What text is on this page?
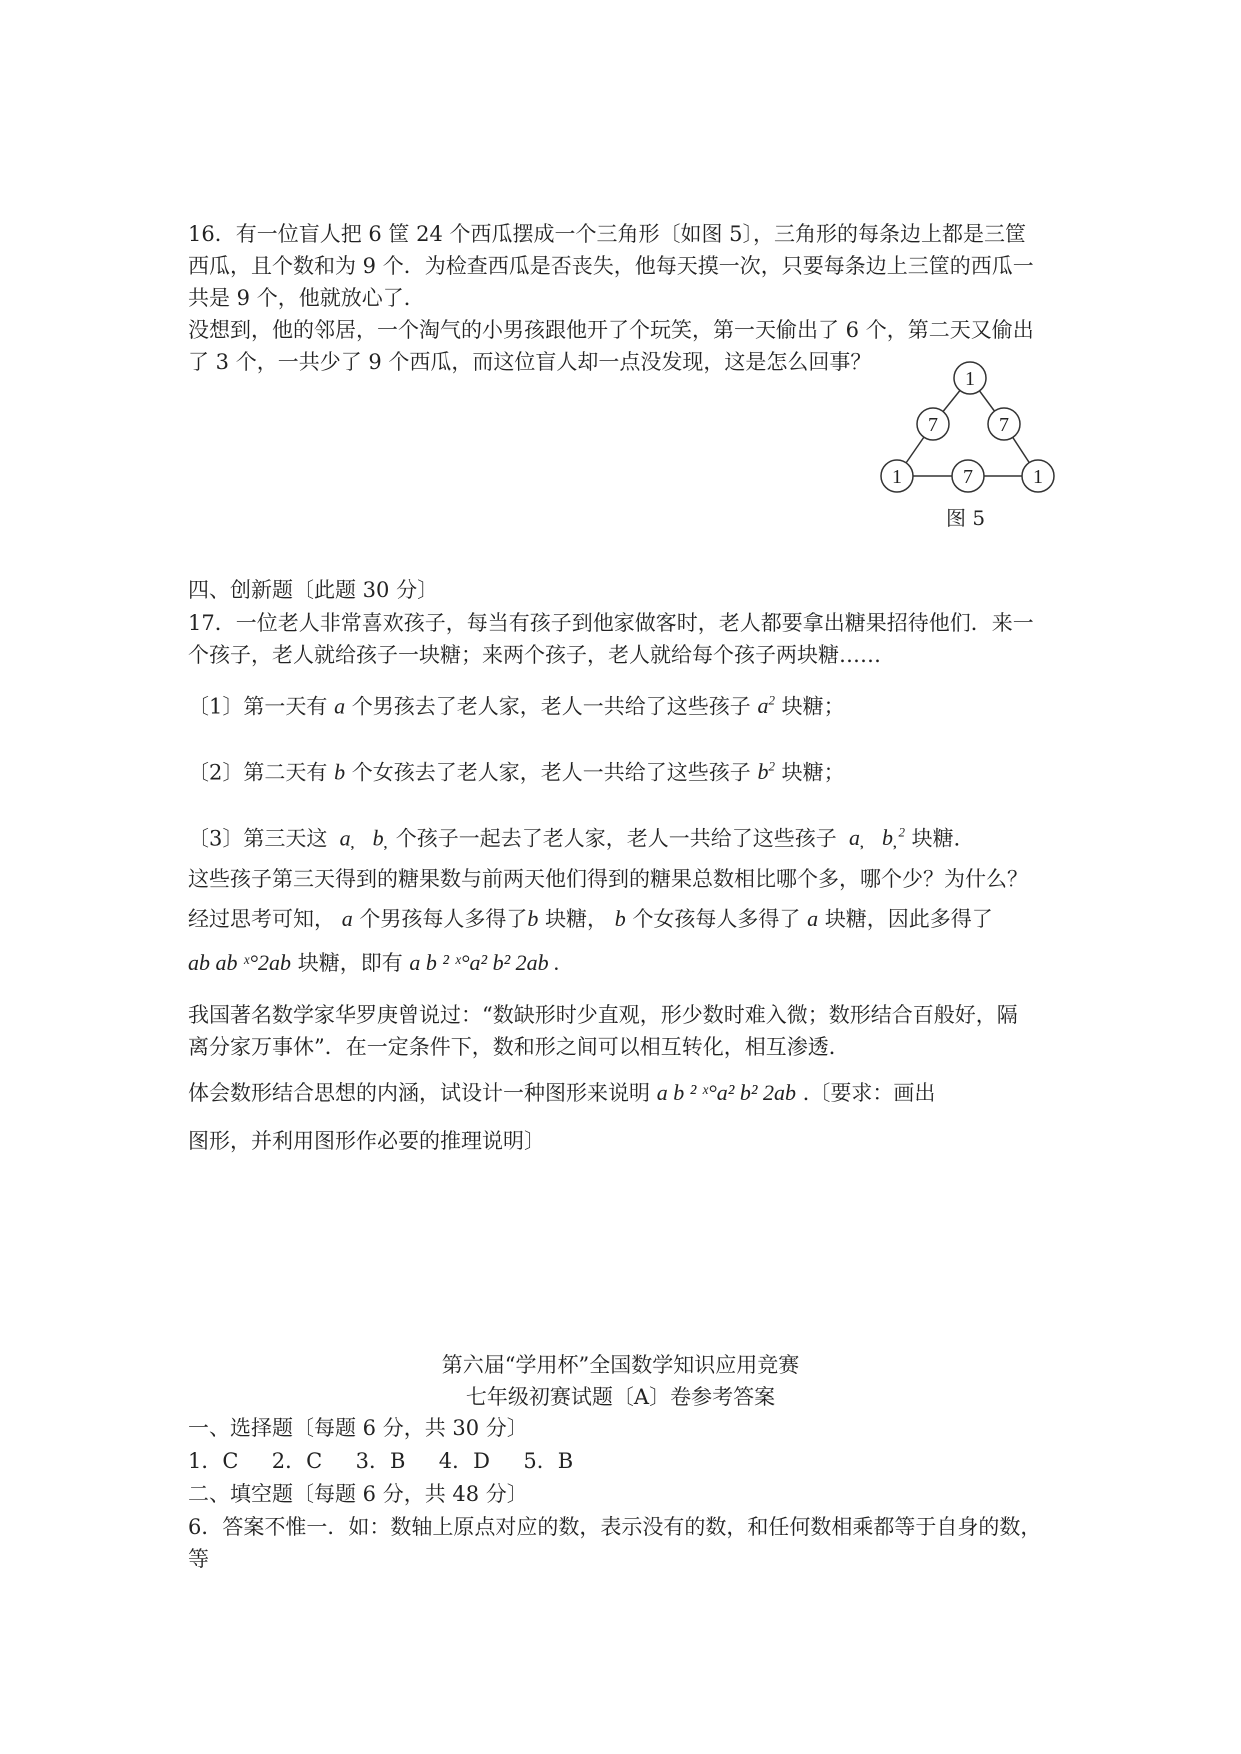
16．有一位盲人把 6 筐 24 个西瓜摆成一个三角形〔如图 5〕，三角形的每条边上都是三筐
西瓜，且个数和为 9 个．为检查西瓜是否丧失，他每天摸一次，只要每条边上三筐的西瓜一
共是 9 个，他就放心了．
没想到，他的邻居，一个淘气的小男孩跟他开了个玩笑，第一天偷出了 6 个，第二天又偷出
了 3 个，一共少了 9 个西瓜，而这位盲人却一点没发现，这是怎么回事？
1
7	7
1	7	1
图 5
四、创新题〔此题 30 分〕
17．一位老人非常喜欢孩子，每当有孩子到他家做客时，老人都要拿出糖果招待他们．来一
个孩子，老人就给孩子一块糖；来两个孩子，老人就给每个孩子两块糖……
〔1〕第一天有 a 个男孩去了老人家，老人一共给了这些孩子 $a^2$ 块糖；
〔2〕第二天有 b 个女孩去了老人家，老人一共给了这些孩子 $b^2$ 块糖；
〔3〕第三天这  a̦    b̦  个孩子一起去了老人家，老人一共给了这些孩子  a̦    b̦ $^2$ 块糖．
这些孩子第三天得到的糖果数与前两天他们得到的糖果总数相比哪个多，哪个少？为什么？
经过思考可知， a 个男孩每人多得了b 块糖， b 个女孩每人多得了 a 块糖，因此多得了
ab ab ˣ°2ab 块糖，即有 a b ² ˣ°a² b² 2ab .
我国著名数学家华罗庚曾说过：“数缺形时少直观，形少数时难入微；数形结合百般好，隔
离分家万事休”．在一定条件下，数和形之间可以相互转化，相互渗透．
体会数形结合思想的内涵，试设计一种图形来说明 a b ² ˣ°a² b² 2ab .〔要求：画出
图形，并利用图形作必要的推理说明〕
第六届“学用杯”全国数学知识应用竞赛
七年级初赛试题〔A〕卷参考答案
一、选择题〔每题 6 分，共 30 分〕
1．C     2．C     3．B     4．D     5．B
二、填空题〔每题 6 分，共 48 分〕
6．答案不惟一．如：数轴上原点对应的数，表示没有的数，和任何数相乘都等于自身的数，
等
